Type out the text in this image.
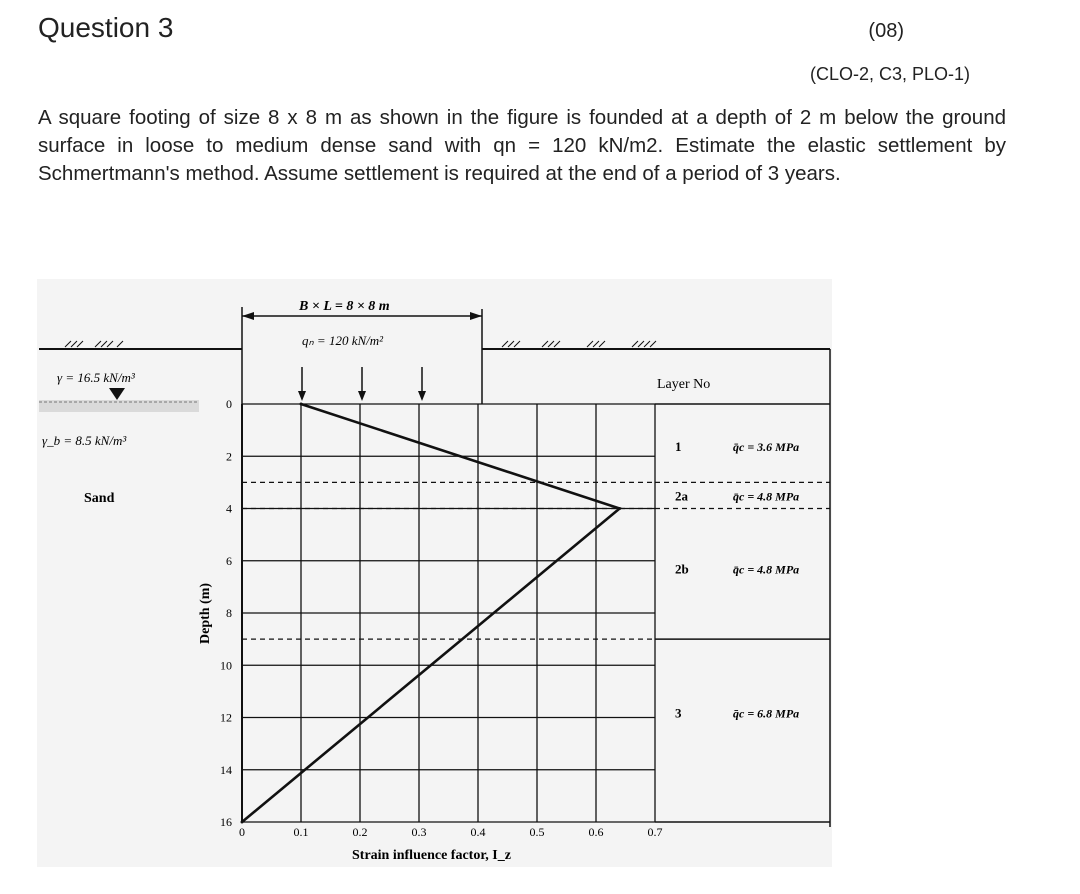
Question 3	(08)
(CLO-2, C3, PLO-1)
A square footing of size 8 x 8 m as shown in the figure is founded at a depth of 2 m below the ground surface in loose to medium dense sand with qn = 120 kN/m2. Estimate the elastic settlement by Schmertmann's method. Assume settlement is required at the end of a period of 3 years.
B × L = 8 × 8 m
qₙ = 120 kN/m²
γ = 16.5 kN/m³
γ_b = 8.5 kN/m³
Sand
Depth (m)
Strain influence factor, I_z
Layer No
1	q̄c = 3.6 MPa
2a	q̄c = 4.8 MPa
2b	q̄c = 4.8 MPa
3	q̄c = 6.8 MPa
0	0.1	0.2	0.3	0.4	0.5	0.6	0.7
0
2
4
6
8
10
12
14
16
